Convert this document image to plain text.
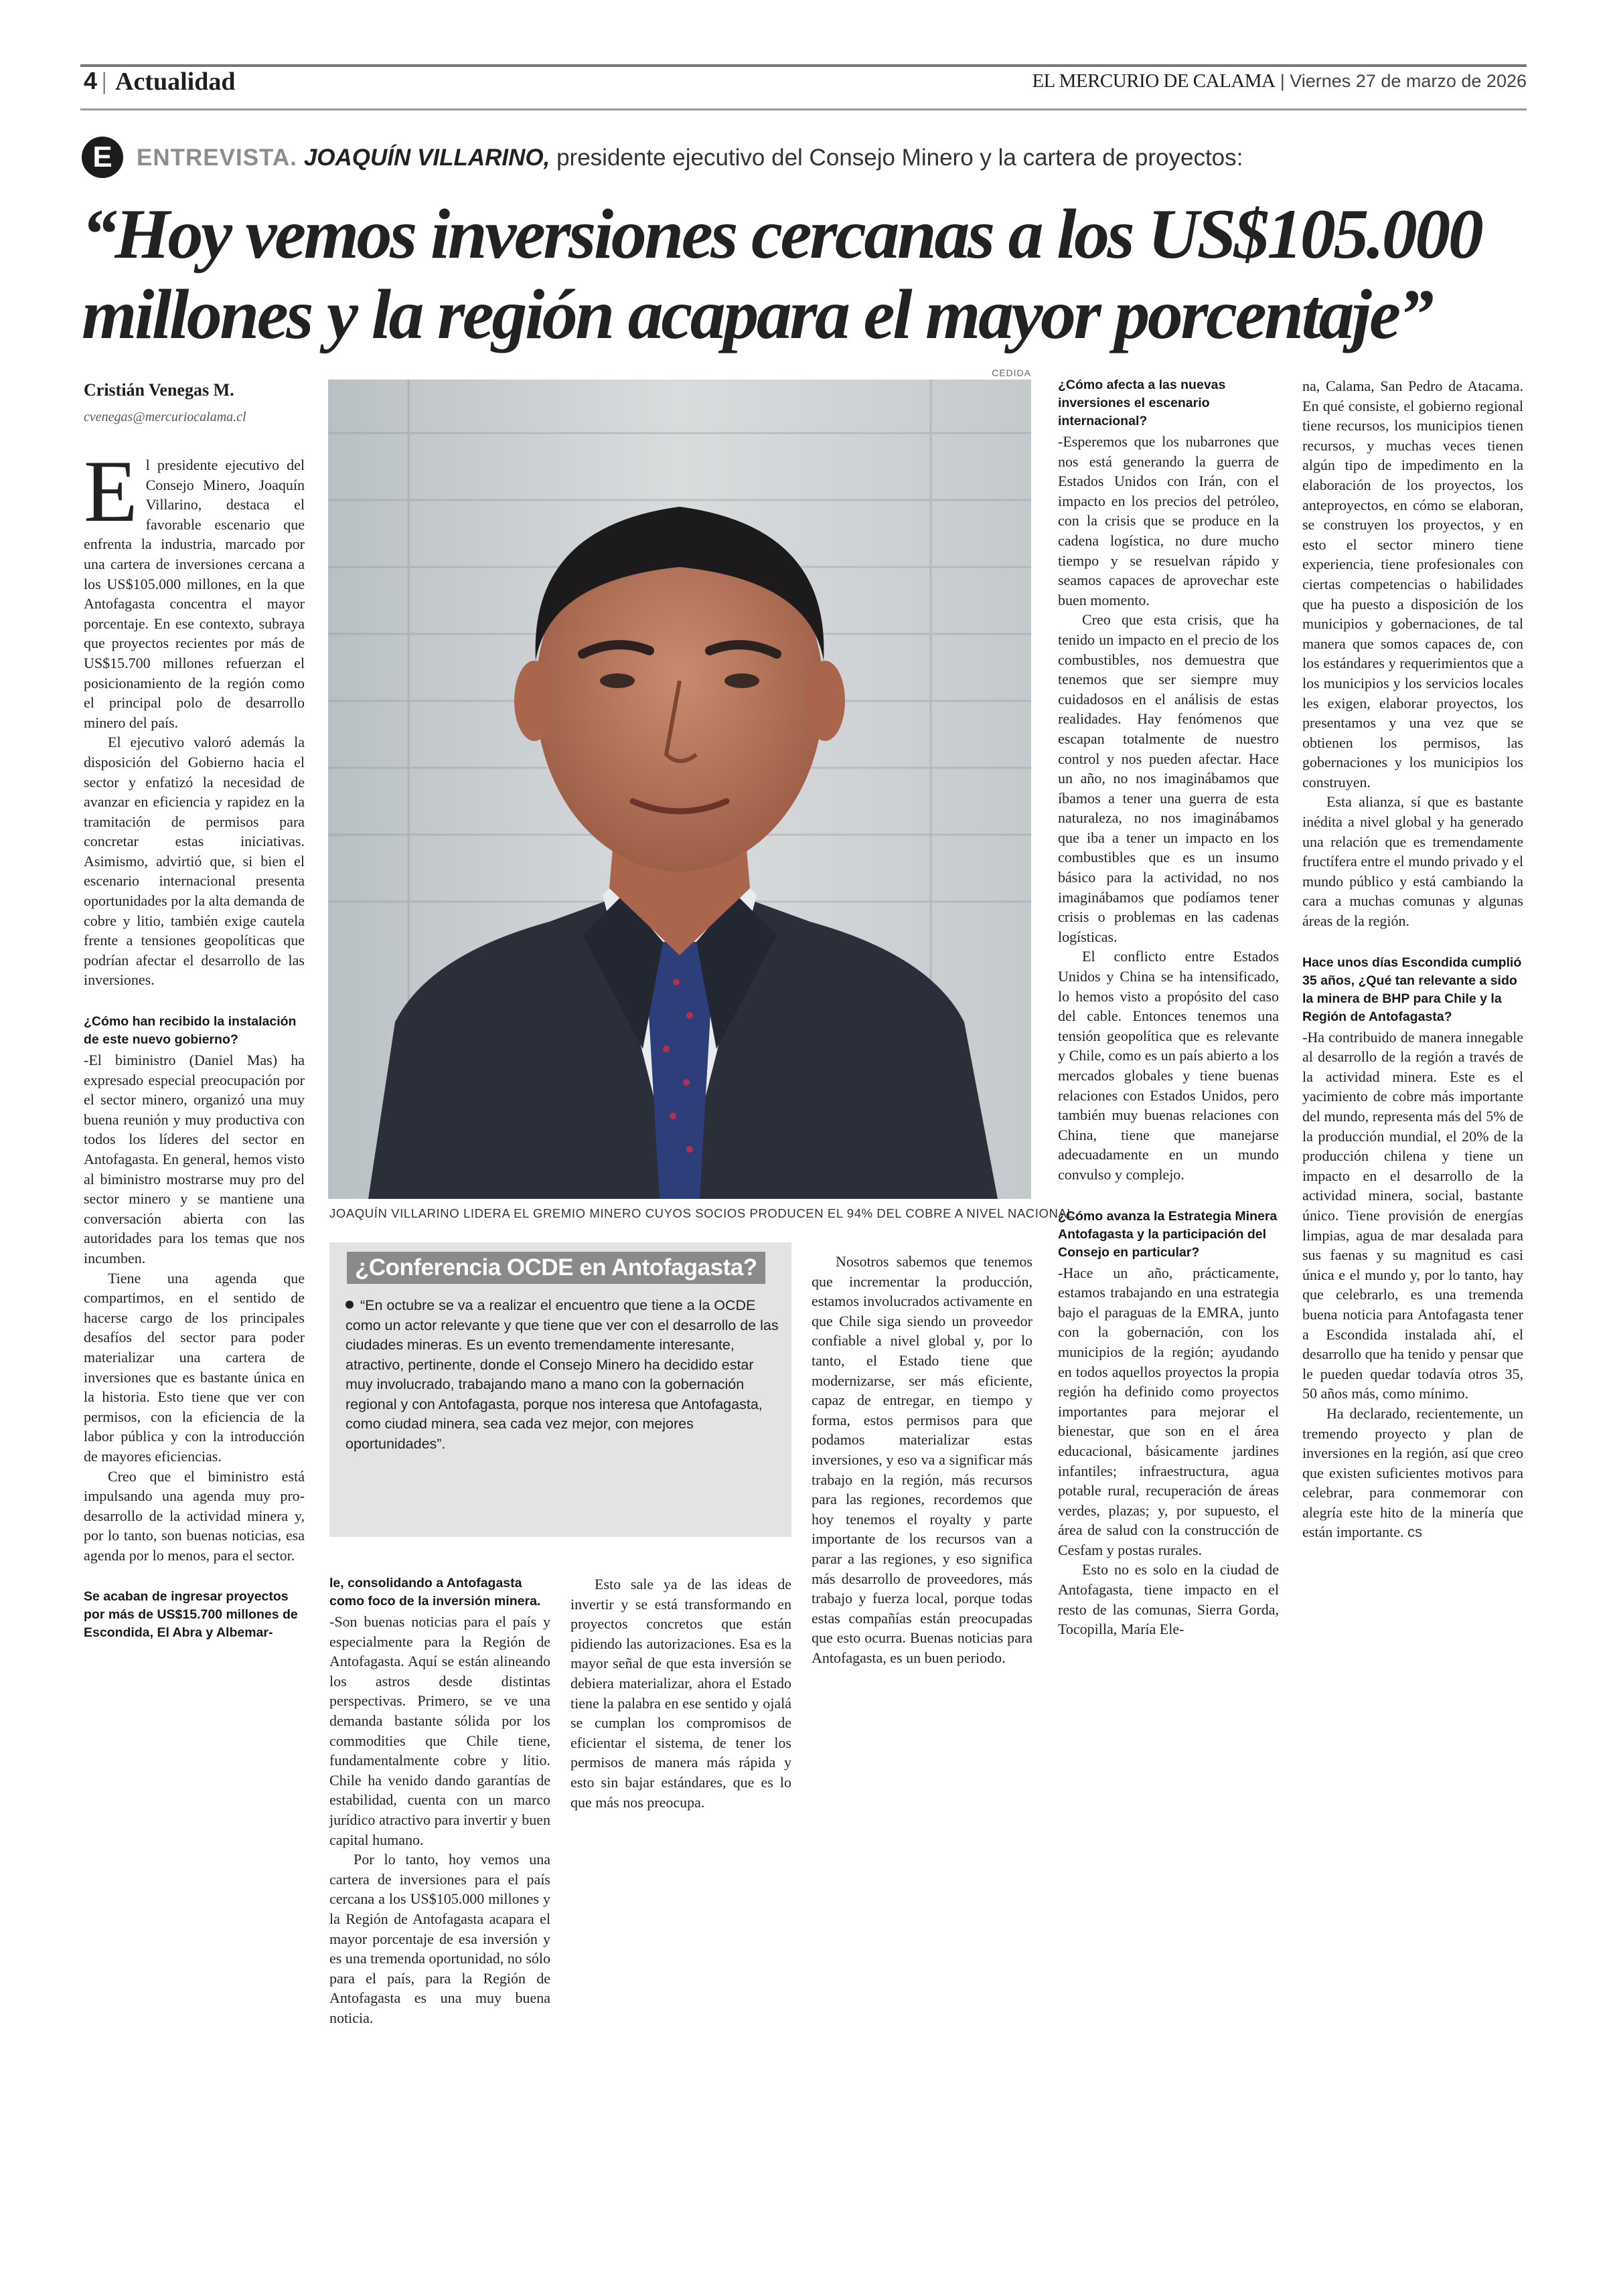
4 | Actualidad	EL MERCURIO DE CALAMA | Viernes 27 de marzo de 2026
E	ENTREVISTA. JOAQUÍN VILLARINO, presidente ejecutivo del Consejo Minero y la cartera de proyectos:
“Hoy vemos inversiones cercanas a los US$105.000
millones y la región acapara el mayor porcentaje”
Cristián Venegas M.
cvenegas@mercuriocalama.cl
CEDIDA
JOAQUÍN VILLARINO LIDERA EL GREMIO MINERO CUYOS SOCIOS PRODUCEN EL 94% DEL COBRE A NIVEL NACIONAL.

El presidente ejecutivo del Consejo Minero, Joaquín Villarino, destaca el favorable escenario que enfrenta la industria, marcado por una cartera de inversiones cercana a los US$105.000 millones, en la que Antofagasta concentra el mayor porcentaje. En ese contexto, subraya que proyectos recientes por más de US$15.700 millones refuerzan el posicionamiento de la región como el principal polo de desarrollo minero del país.

El ejecutivo valoró además la disposición del Gobierno hacia el sector y enfatizó la necesidad de avanzar en eficiencia y rapidez en la tramitación de permisos para concretar estas iniciativas. Asimismo, advirtió que, si bien el escenario internacional presenta oportunidades por la alta demanda de cobre y litio, también exige cautela frente a tensiones geopolíticas que podrían afectar el desarrollo de las inversiones.

¿Cómo han recibido la instalación de este nuevo gobierno?

-El biministro (Daniel Mas) ha expresado especial preocupación por el sector minero, organizó una muy buena reunión y muy productiva con todos los líderes del sector en Antofagasta. En general, hemos visto al biministro mostrarse muy pro del sector minero y se mantiene una conversación abierta con las autoridades para los temas que nos incumben.

Tiene una agenda que compartimos, en el sentido de hacerse cargo de los principales desafíos del sector para poder materializar una cartera de inversiones que es bastante única en la historia. Esto tiene que ver con permisos, con la eficiencia de la labor pública y con la introducción de mayores eficiencias.

Creo que el biministro está impulsando una agenda muy pro-desarrollo de la actividad minera y, por lo tanto, son buenas noticias, esa agenda por lo menos, para el sector.

Se acaban de ingresar proyectos por más de US$15.700 millones de Escondida, El Abra y Albemar-
¿Conferencia OCDE en Antofagasta?
“En octubre se va a realizar el encuentro que tiene a la OCDE como un actor relevante y que tiene que ver con el desarrollo de las ciudades mineras. Es un evento tremendamente interesante, atractivo, pertinente, donde el Consejo Minero ha decidido estar muy involucrado, trabajando mano a mano con la gobernación regional y con Antofagasta, porque nos interesa que Antofagasta, como ciudad minera, sea cada vez mejor, con mejores oportunidades”.
le, consolidando a Antofagasta como foco de la inversión minera.

-Son buenas noticias para el país y especialmente para la Región de Antofagasta. Aquí se están alineando los astros desde distintas perspectivas. Primero, se ve una demanda bastante sólida por los commodities que Chile tiene, fundamentalmente cobre y litio. Chile ha venido dando garantías de estabilidad, cuenta con un marco jurídico atractivo para invertir y buen capital humano.

Por lo tanto, hoy vemos una cartera de inversiones para el país cercana a los US$105.000 millones y la Región de Antofagasta acapara el mayor porcentaje de esa inversión y es una tremenda oportunidad, no sólo para el país, para la Región de Antofagasta es una muy buena noticia.

Esto sale ya de las ideas de invertir y se está transformando en proyectos concretos que están pidiendo las autorizaciones. Esa es la mayor señal de que esta inversión se debiera materializar, ahora el Estado tiene la palabra en ese sentido y ojalá se cumplan los compromisos de eficientar el sistema, de tener los permisos de manera más rápida y esto sin bajar estándares, que es lo que más nos preocupa.

Nosotros sabemos que tenemos que incrementar la producción, estamos involucrados activamente en que Chile siga siendo un proveedor confiable a nivel global y, por lo tanto, el Estado tiene que modernizarse, ser más eficiente, capaz de entregar, en tiempo y forma, estos permisos para que podamos materializar estas inversiones, y eso va a significar más trabajo en la región, más recursos para las regiones, recordemos que hoy tenemos el royalty y parte importante de los recursos van a parar a las regiones, y eso significa más desarrollo de proveedores, más trabajo y fuerza local, porque todas estas compañías están preocupadas que esto ocurra. Buenas noticias para Antofagasta, es un buen periodo.

¿Cómo afecta a las nuevas inversiones el escenario internacional?

-Esperemos que los nubarrones que nos está generando la guerra de Estados Unidos con Irán, con el impacto en los precios del petróleo, con la crisis que se produce en la cadena logística, no dure mucho tiempo y se resuelvan rápido y seamos capaces de aprovechar este buen momento.

Creo que esta crisis, que ha tenido un impacto en el precio de los combustibles, nos demuestra que tenemos que ser siempre muy cuidadosos en el análisis de estas realidades. Hay fenómenos que escapan totalmente de nuestro control y nos pueden afectar. Hace un año, no nos imaginábamos que íbamos a tener una guerra de esta naturaleza, no nos imaginábamos que iba a tener un impacto en los combustibles que es un insumo básico para la actividad, no nos imaginábamos que podíamos tener crisis o problemas en las cadenas logísticas.

El conflicto entre Estados Unidos y China se ha intensificado, lo hemos visto a propósito del caso del cable. Entonces tenemos una tensión geopolítica que es relevante y Chile, como es un país abierto a los mercados globales y tiene buenas relaciones con Estados Unidos, pero también muy buenas relaciones con China, tiene que manejarse adecuadamente en un mundo convulso y complejo.

¿Cómo avanza la Estrategia Minera Antofagasta y la participación del Consejo en particular?

-Hace un año, prácticamente, estamos trabajando en una estrategia bajo el paraguas de la EMRA, junto con la gobernación, con los municipios de la región; ayudando en todos aquellos proyectos la propia región ha definido como proyectos importantes para mejorar el bienestar, que son en el área educacional, básicamente jardines infantiles; infraestructura, agua potable rural, recuperación de áreas verdes, plazas; y, por supuesto, el área de salud con la construcción de Cesfam y postas rurales.

Esto no es solo en la ciudad de Antofagasta, tiene impacto en el resto de las comunas, Sierra Gorda, Tocopilla, María Ele-

na, Calama, San Pedro de Atacama. En qué consiste, el gobierno regional tiene recursos, los municipios tienen recursos, y muchas veces tienen algún tipo de impedimento en la elaboración de los proyectos, los anteproyectos, en cómo se elaboran, se construyen los proyectos, y en esto el sector minero tiene experiencia, tiene profesionales con ciertas competencias o habilidades que ha puesto a disposición de los municipios y gobernaciones, de tal manera que somos capaces de, con los estándares y requerimientos que a los municipios y los servicios locales les exigen, elaborar proyectos, los presentamos y una vez que se obtienen los permisos, las gobernaciones y los municipios los construyen.

Esta alianza, sí que es bastante inédita a nivel global y ha generado una relación que es tremendamente fructífera entre el mundo privado y el mundo público y está cambiando la cara a muchas comunas y algunas áreas de la región.

Hace unos días Escondida cumplió 35 años, ¿Qué tan relevante a sido la minera de BHP para Chile y la Región de Antofagasta?

-Ha contribuido de manera innegable al desarrollo de la región a través de la actividad minera. Este es el yacimiento de cobre más importante del mundo, representa más del 5% de la producción mundial, el 20% de la producción chilena y tiene un impacto en el desarrollo de la actividad minera, social, bastante único. Tiene provisión de energías limpias, agua de mar desalada para sus faenas y su magnitud es casi única e el mundo y, por lo tanto, hay que celebrarlo, es una tremenda buena noticia para Antofagasta tener a Escondida instalada ahí, el desarrollo que ha tenido y pensar que le pueden quedar todavía otros 35, 50 años más, como mínimo.

Ha declarado, recientemente, un tremendo proyecto y plan de inversiones en la región, así que creo que existen suficientes motivos para celebrar, para conmemorar con alegría este hito de la minería que están importante. cs
